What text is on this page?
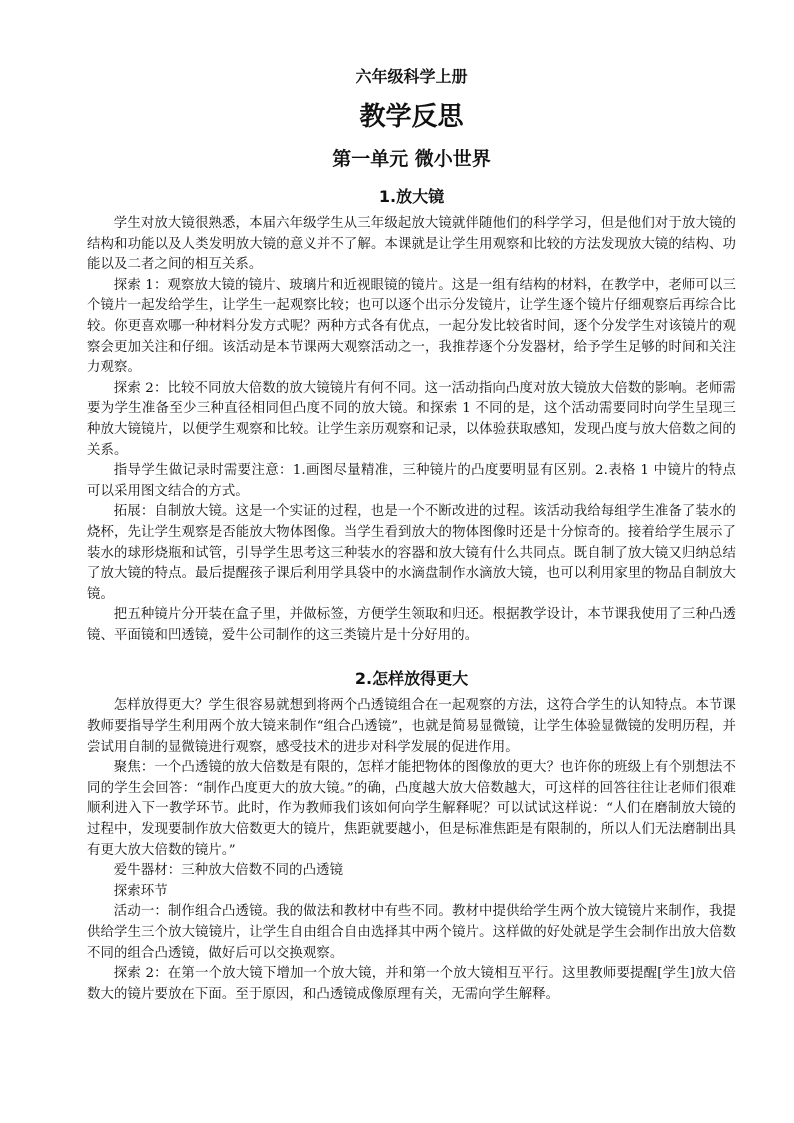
六年级科学上册
教学反思
第一单元 微小世界
1.放大镜

学生对放大镜很熟悉，本届六年级学生从三年级起放大镜就伴随他们的科学学习，但是他们对于放大镜的结构和功能以及人类发明放大镜的意义并不了解。本课就是让学生用观察和比较的方法发现放大镜的结构、功能以及二者之间的相互关系。

探索 1：观察放大镜的镜片、玻璃片和近视眼镜的镜片。这是一组有结构的材料，在教学中，老师可以三个镜片一起发给学生，让学生一起观察比较；也可以逐个出示分发镜片，让学生逐个镜片仔细观察后再综合比较。你更喜欢哪一种材料分发方式呢？两种方式各有优点，一起分发比较省时间，逐个分发学生对该镜片的观察会更加关注和仔细。该活动是本节课两大观察活动之一，我推荐逐个分发器材，给予学生足够的时间和关注力观察。

探索 2：比较不同放大倍数的放大镜镜片有何不同。这一活动指向凸度对放大镜放大倍数的影响。老师需要为学生准备至少三种直径相同但凸度不同的放大镜。和探索 1 不同的是，这个活动需要同时向学生呈现三种放大镜镜片，以便学生观察和比较。让学生亲历观察和记录，以体验获取感知，发现凸度与放大倍数之间的关系。

指导学生做记录时需要注意：1.画图尽量精准，三种镜片的凸度要明显有区别。2.表格 1 中镜片的特点可以采用图文结合的方式。

拓展：自制放大镜。这是一个实证的过程，也是一个不断改进的过程。该活动我给每组学生准备了装水的烧杯，先让学生观察是否能放大物体图像。当学生看到放大的物体图像时还是十分惊奇的。接着给学生展示了装水的球形烧瓶和试管，引导学生思考这三种装水的容器和放大镜有什么共同点。既自制了放大镜又归纳总结了放大镜的特点。最后提醒孩子课后利用学具袋中的水滴盘制作水滴放大镜，也可以利用家里的物品自制放大镜。

把五种镜片分开装在盒子里，并做标签，方便学生领取和归还。根据教学设计，本节课我使用了三种凸透镜、平面镜和凹透镜，爱牛公司制作的这三类镜片是十分好用的。

2.怎样放得更大

怎样放得更大？学生很容易就想到将两个凸透镜组合在一起观察的方法，这符合学生的认知特点。本节课教师要指导学生利用两个放大镜来制作“组合凸透镜”，也就是简易显微镜，让学生体验显微镜的发明历程，并尝试用自制的显微镜进行观察，感受技术的进步对科学发展的促进作用。

聚焦：一个凸透镜的放大倍数是有限的，怎样才能把物体的图像放的更大？也许你的班级上有个别想法不同的学生会回答：“制作凸度更大的放大镜。”的确，凸度越大放大倍数越大，可这样的回答往往让老师们很难顺利进入下一教学环节。此时，作为教师我们该如何向学生解释呢？可以试试这样说：“人们在磨制放大镜的过程中，发现要制作放大倍数更大的镜片，焦距就要越小，但是标准焦距是有限制的，所以人们无法磨制出具有更大放大倍数的镜片。”

爱牛器材：三种放大倍数不同的凸透镜

探索环节

活动一：制作组合凸透镜。我的做法和教材中有些不同。教材中提供给学生两个放大镜镜片来制作，我提供给学生三个放大镜镜片，让学生自由组合自由选择其中两个镜片。这样做的好处就是学生会制作出放大倍数不同的组合凸透镜，做好后可以交换观察。

探索 2：在第一个放大镜下增加一个放大镜，并和第一个放大镜相互平行。这里教师要提醒[学生]放大倍数大的镜片要放在下面。至于原因，和凸透镜成像原理有关，无需向学生解释。
